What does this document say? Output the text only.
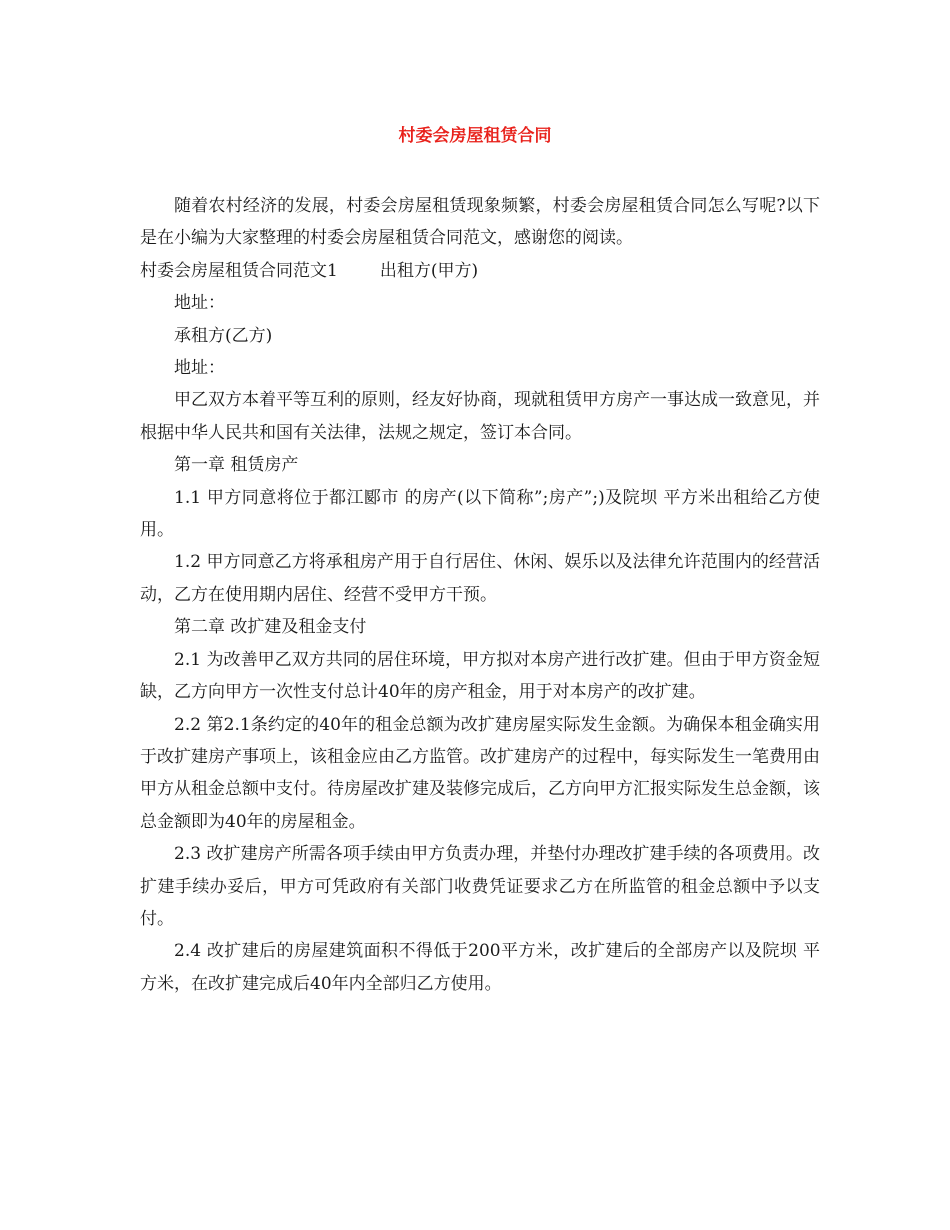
村委会房屋租赁合同

随着农村经济的发展，村委会房屋租赁现象频繁，村委会房屋租赁合同怎么写呢?以下是在小编为大家整理的村委会房屋租赁合同范文，感谢您的阅读。

村委会房屋租赁合同范文1 出租方(甲方)

地址：

承租方(乙方)

地址：

甲乙双方本着平等互利的原则，经友好协商，现就租赁甲方房产一事达成一致意见，并根据中华人民共和国有关法律，法规之规定，签订本合同。

第一章 租赁房产

1.1 甲方同意将位于都江郾市 的房产(以下简称”;房产”;)及院坝 平方米出租给乙方使用。

1.2 甲方同意乙方将承租房产用于自行居住、休闲、娱乐以及法律允许范围内的经营活动，乙方在使用期内居住、经营不受甲方干预。

第二章 改扩建及租金支付

2.1 为改善甲乙双方共同的居住环境，甲方拟对本房产进行改扩建。但由于甲方资金短缺，乙方向甲方一次性支付总计40年的房产租金，用于对本房产的改扩建。

2.2 第2.1条约定的40年的租金总额为改扩建房屋实际发生金额。为确保本租金确实用于改扩建房产事项上，该租金应由乙方监管。改扩建房产的过程中，每实际发生一笔费用由甲方从租金总额中支付。待房屋改扩建及装修完成后，乙方向甲方汇报实际发生总金额，该总金额即为40年的房屋租金。

2.3 改扩建房产所需各项手续由甲方负责办理，并垫付办理改扩建手续的各项费用。改扩建手续办妥后，甲方可凭政府有关部门收费凭证要求乙方在所监管的租金总额中予以支付。

2.4 改扩建后的房屋建筑面积不得低于200平方米，改扩建后的全部房产以及院坝 平方米，在改扩建完成后40年内全部归乙方使用。
